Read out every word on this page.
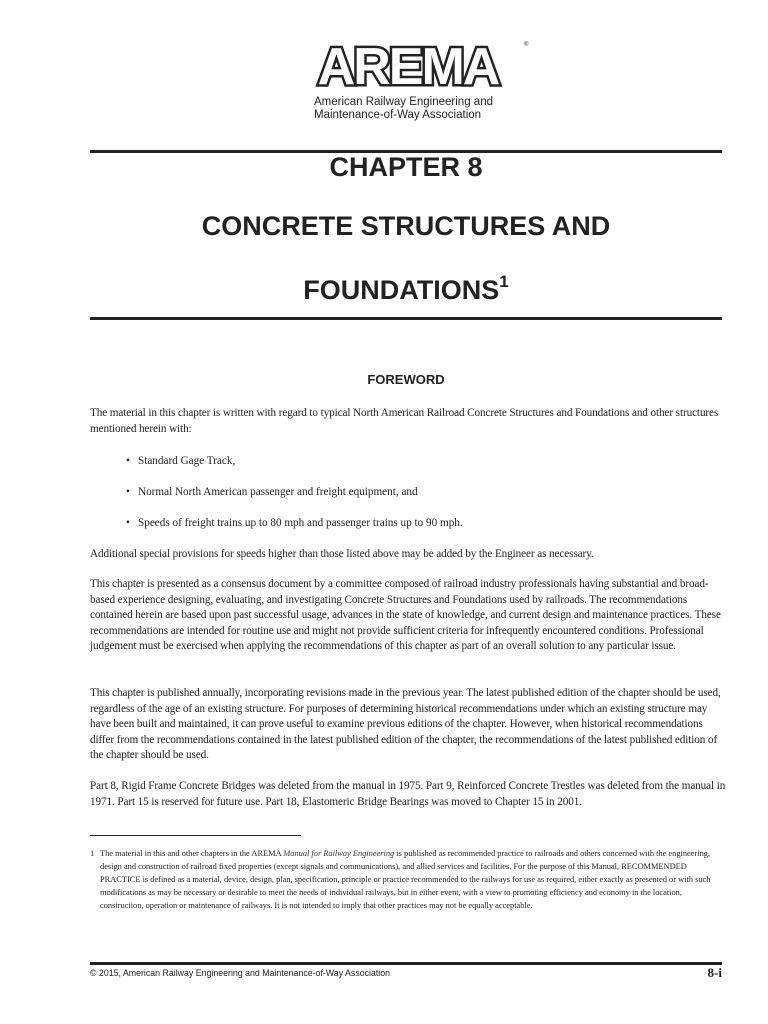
AREMA	®
American Railway Engineering and
Maintenance-of-Way Association
CHAPTER 8
CONCRETE STRUCTURES AND
FOUNDATIONS$^1$
FOREWORD
The material in this chapter is written with regard to typical North American Railroad Concrete Structures and Foundations and other structures mentioned herein with:
• Standard Gage Track,
• Normal North American passenger and freight equipment, and
• Speeds of freight trains up to 80 mph and passenger trains up to 90 mph.
Additional special provisions for speeds higher than those listed above may be added by the Engineer as necessary.
This chapter is presented as a consensus document by a committee composed of railroad industry professionals having substantial and broad-based experience designing, evaluating, and investigating Concrete Structures and Foundations used by railroads. The recommendations contained herein are based upon past successful usage, advances in the state of knowledge, and current design and maintenance practices. These recommendations are intended for routine use and might not provide sufficient criteria for infrequently encountered conditions. Professional judgement must be exercised when applying the recommendations of this chapter as part of an overall solution to any particular issue.
This chapter is published annually, incorporating revisions made in the previous year. The latest published edition of the chapter should be used, regardless of the age of an existing structure. For purposes of determining historical recommendations under which an existing structure may have been built and maintained, it can prove useful to examine previous editions of the chapter. However, when historical recommendations differ from the recommendations contained in the latest published edition of the chapter, the recommendations of the latest published edition of the chapter should be used.
Part 8, Rigid Frame Concrete Bridges was deleted from the manual in 1975. Part 9, Reinforced Concrete Trestles was deleted from the manual in 1971. Part 15 is reserved for future use. Part 18, Elastomeric Bridge Bearings was moved to Chapter 15 in 2001.
1 The material in this and other chapters in the AREMA Manual for Railway Engineering is published as recommended practice to railroads and others concerned with the engineering, design and construction of railroad fixed properties (except signals and communications), and allied services and facilities. For the purpose of this Manual, RECOMMENDED PRACTICE is defined as a material, device, design, plan, specification, principle or practice recommended to the railways for use as required, either exactly as presented or with such modifications as may be necessary or desirable to meet the needs of individual railways, but in either event, with a view to promoting efficiency and economy in the location, construction, operation or maintenance of railways. It is not intended to imply that other practices may not be equally acceptable.
© 2015, American Railway Engineering and Maintenance-of-Way Association	8-i
